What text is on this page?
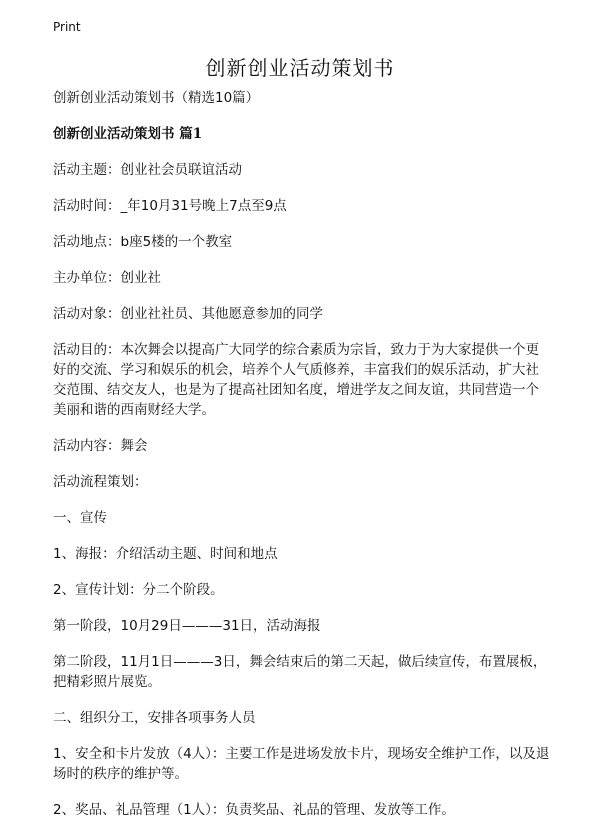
Print
创新创业活动策划书

创新创业活动策划书（精选10篇）

创新创业活动策划书 篇1

活动主题：创业社会员联谊活动

活动时间：_年10月31号晚上7点至9点

活动地点：b座5楼的一个教室

主办单位：创业社

活动对象：创业社社员、其他愿意参加的同学

活动目的：本次舞会以提高广大同学的综合素质为宗旨，致力于为大家提供一个更好的交流、学习和娱乐的机会，培养个人气质修养，丰富我们的娱乐活动，扩大社交范围、结交友人，也是为了提高社团知名度，增进学友之间友谊，共同营造一个美丽和谐的西南财经大学。

活动内容：舞会

活动流程策划：

一、宣传

1、海报：介绍活动主题、时间和地点

2、宣传计划：分二个阶段。

第一阶段，10月29日———31日，活动海报

第二阶段，11月1日———3日，舞会结束后的第二天起，做后续宣传，布置展板，把精彩照片展览。

二、组织分工，安排各项事务人员

1、安全和卡片发放（4人）：主要工作是进场发放卡片，现场安全维护工作，以及退场时的秩序的维护等。

2、奖品、礼品管理（1人）：负责奖品、礼品的管理、发放等工作。
